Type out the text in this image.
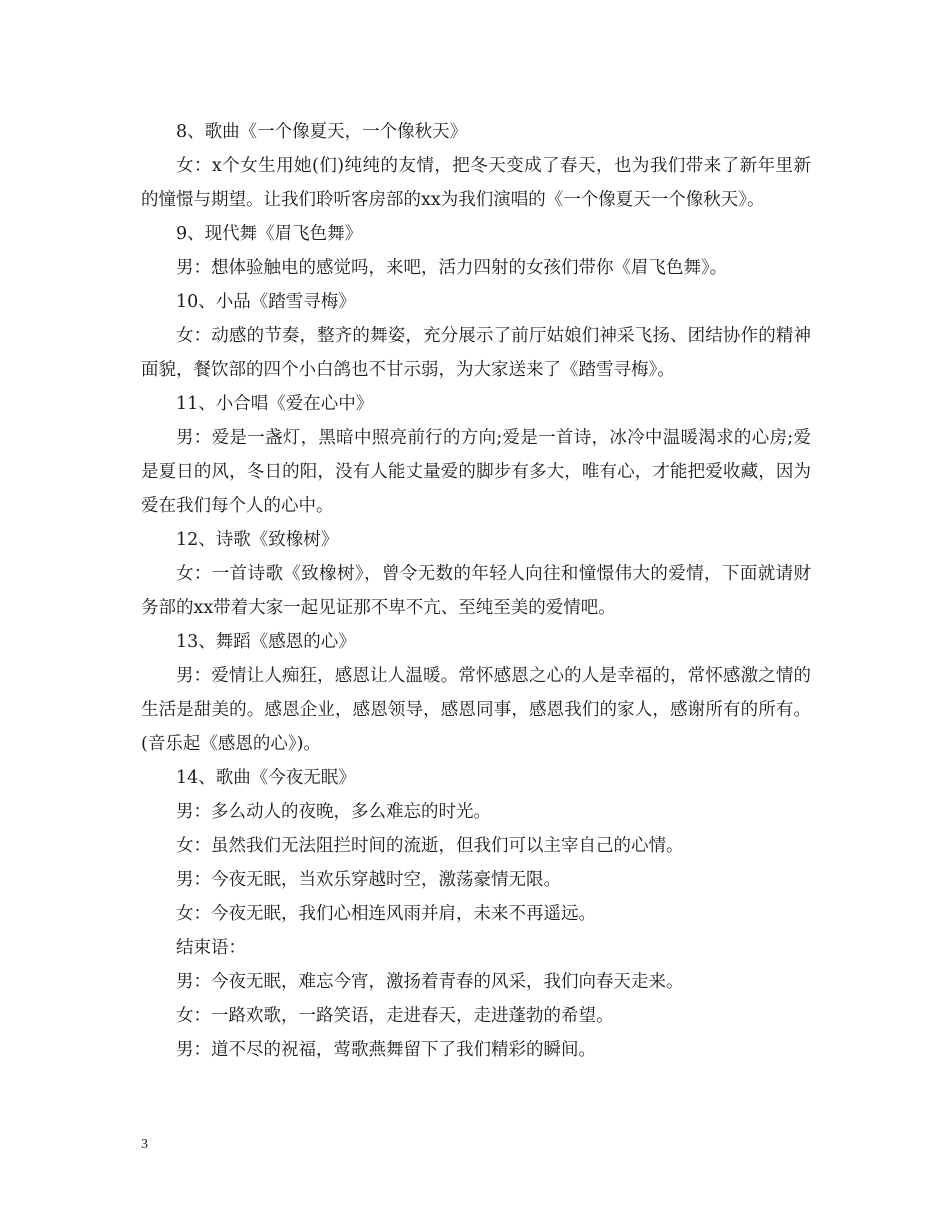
8、歌曲《一个像夏天，一个像秋天》

女：x个女生用她(们)纯纯的友情，把冬天变成了春天，也为我们带来了新年里新的憧憬与期望。让我们聆听客房部的xx为我们演唱的《一个像夏天一个像秋天》。

9、现代舞《眉飞色舞》

男：想体验触电的感觉吗，来吧，活力四射的女孩们带你《眉飞色舞》。

10、小品《踏雪寻梅》

女：动感的节奏，整齐的舞姿，充分展示了前厅姑娘们神采飞扬、团结协作的精神面貌，餐饮部的四个小白鸽也不甘示弱，为大家送来了《踏雪寻梅》。

11、小合唱《爱在心中》

男：爱是一盏灯，黑暗中照亮前行的方向;爱是一首诗，冰冷中温暖渴求的心房;爱是夏日的风，冬日的阳，没有人能丈量爱的脚步有多大，唯有心，才能把爱收藏，因为爱在我们每个人的心中。

12、诗歌《致橡树》

女：一首诗歌《致橡树》，曾令无数的年轻人向往和憧憬伟大的爱情，下面就请财务部的xx带着大家一起见证那不卑不亢、至纯至美的爱情吧。

13、舞蹈《感恩的心》

男：爱情让人痴狂，感恩让人温暖。常怀感恩之心的人是幸福的，常怀感激之情的生活是甜美的。感恩企业，感恩领导，感恩同事，感恩我们的家人，感谢所有的所有。(音乐起《感恩的心》)。

14、歌曲《今夜无眠》

男：多么动人的夜晚，多么难忘的时光。

女：虽然我们无法阻拦时间的流逝，但我们可以主宰自己的心情。

男：今夜无眠，当欢乐穿越时空，激荡豪情无限。

女：今夜无眠，我们心相连风雨并肩，未来不再遥远。

结束语：

男：今夜无眠，难忘今宵，激扬着青春的风采，我们向春天走来。

女：一路欢歌，一路笑语，走进春天，走进蓬勃的希望。

男：道不尽的祝福，莺歌燕舞留下了我们精彩的瞬间。

3
